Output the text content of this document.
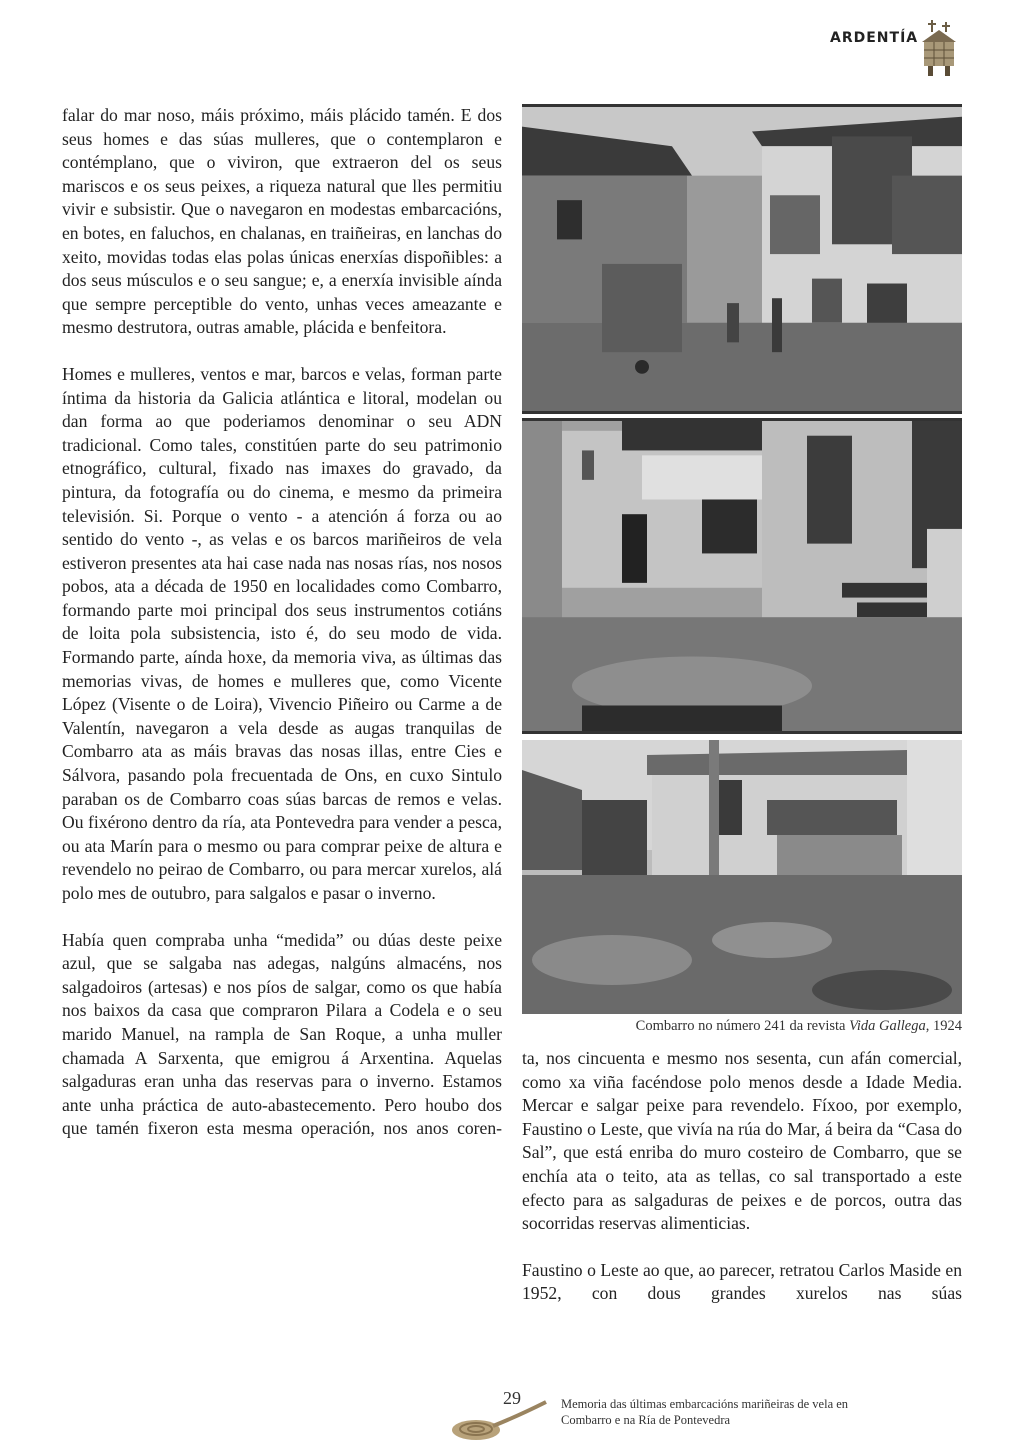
ARDENTÍA

falar do mar noso, máis próximo, máis plácido tamén. E dos seus homes e das súas mulleres, que o contemplaron e contémplano, que o viviron, que extraeron del os seus mariscos e os seus peixes, a riqueza natural que lles permitiu vivir e subsistir. Que o navegaron en modestas embarcacións, en botes, en faluchos, en chalanas, en traiñeiras, en lanchas do xeito, movidas todas elas polas únicas enerxías dispoñibles: a dos seus músculos e o seu sangue; e, a enerxía invisible aínda que sempre perceptible do vento, unhas veces ameazante e mesmo destrutora, outras amable, plácida e benfeitora.

Homes e mulleres, ventos e mar, barcos e velas, forman parte íntima da historia da Galicia atlántica e litoral, modelan ou dan forma ao que poderiamos denominar o seu ADN tradicional. Como tales, constitúen parte do seu patrimonio etnográfico, cultural, fixado nas imaxes do gravado, da pintura, da fotografía ou do cinema, e mesmo da primeira televisión. Si. Porque o vento - a atención á forza ou ao sentido do vento -, as velas e os barcos mariñeiros de vela estiveron presentes ata hai case nada nas nosas rías, nos nosos pobos, ata a década de 1950 en localidades como Combarro, formando parte moi principal dos seus instrumentos cotiáns de loita pola subsistencia, isto é, do seu modo de vida. Formando parte, aínda hoxe, da memoria viva, as últimas das memorias vivas, de homes e mulleres que, como Vicente López (Visente o de Loira), Vivencio Piñeiro ou Carme a de Valentín, navegaron a vela desde as augas tranquilas de Combarro ata as máis bravas das nosas illas, entre Cies e Sálvora, pasando pola frecuentada de Ons, en cuxo Sintulo paraban os de Combarro coas súas barcas de remos e velas. Ou fixérono dentro da ría, ata Pontevedra para vender a pesca, ou ata Marín para o mesmo ou para comprar peixe de altura e revendelo no peirao de Combarro, ou para mercar xurelos, alá polo mes de outubro, para salgalos e pasar o inverno.

Había quen compraba unha “medida” ou dúas deste peixe azul, que se salgaba nas adegas, nalgúns almacéns, nos salgadoiros (artesas) e nos píos de salgar, como os que había nos baixos da casa que compraron Pilara a Codela e o seu marido Manuel, na rampla de San Roque, a unha muller chamada A Sarxenta, que emigrou á Arxentina. Aquelas salgaduras eran unha das reservas para o inverno. Estamos ante unha práctica de auto-abastecemento. Pero houbo dos que tamén fixeron esta mesma operación, nos anos coren-

Combarro no número 241 da revista Vida Gallega, 1924

ta, nos cincuenta e mesmo nos sesenta, cun afán comercial, como xa viña facéndose polo menos desde a Idade Media. Mercar e salgar peixe para revendelo. Fíxoo, por exemplo, Faustino o Leste, que vivía na rúa do Mar, á beira da “Casa do Sal”, que está enriba do muro costeiro de Combarro, que se enchía ata o teito, ata as tellas, co sal transportado a este efecto para as salgaduras de peixes e de porcos, outra das socorridas reservas alimenticias.

Faustino o Leste ao que, ao parecer, retratou Carlos Maside en 1952, con dous grandes xurelos nas súas

29	Memoria das últimas embarcacións mariñeiras de vela en
Combarro e na Ría de Pontevedra
